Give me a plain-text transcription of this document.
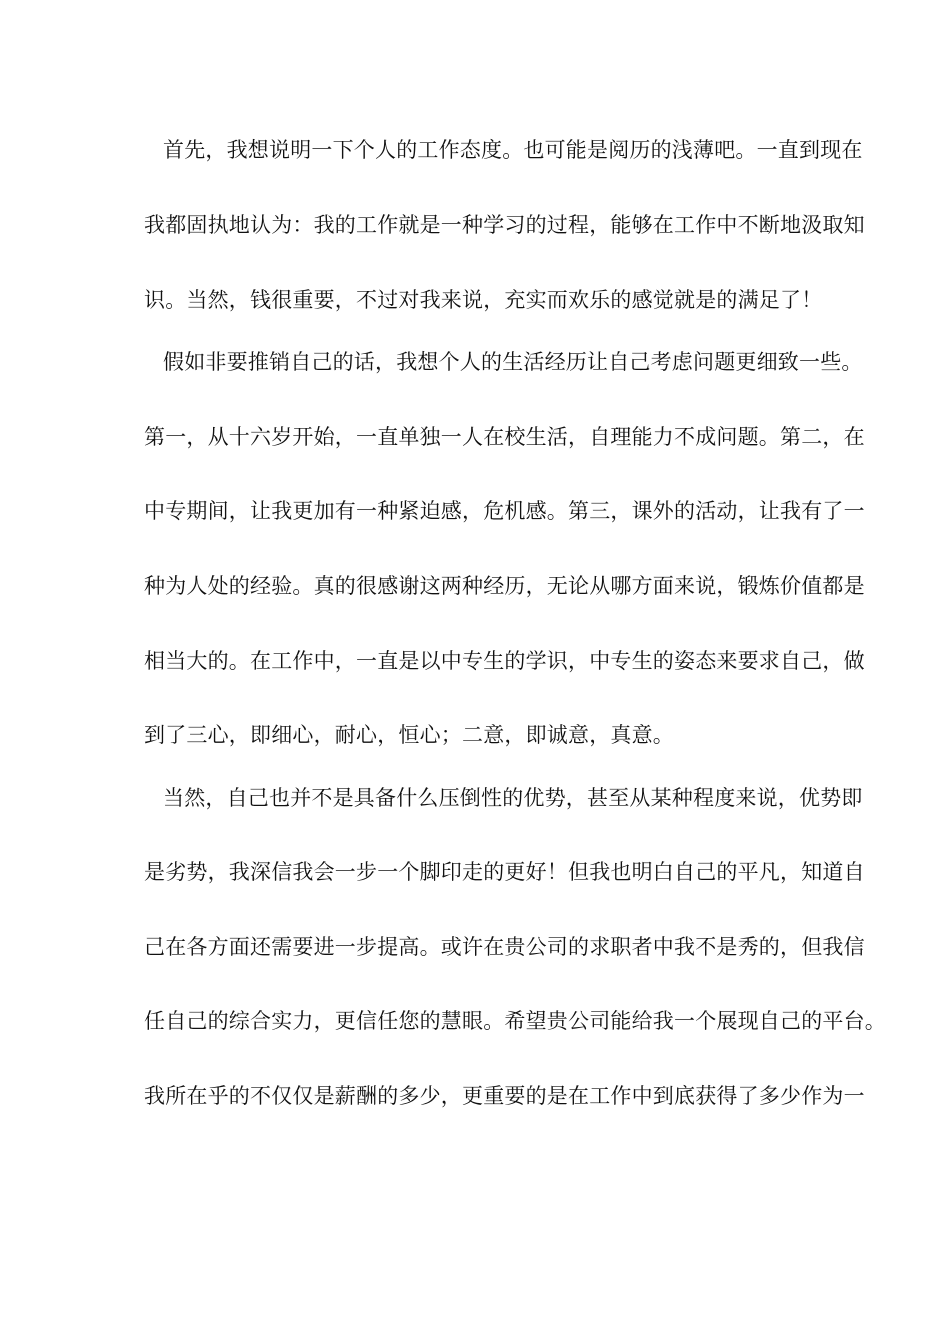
首先，我想说明一下个人的工作态度。也可能是阅历的浅薄吧。一直到现在
我都固执地认为：我的工作就是一种学习的过程，能够在工作中不断地汲取知
识。当然，钱很重要，不过对我来说，充实而欢乐的感觉就是的满足了！
假如非要推销自己的话，我想个人的生活经历让自己考虑问题更细致一些。
第一，从十六岁开始，一直单独一人在校生活，自理能力不成问题。第二，在
中专期间，让我更加有一种紧迫感，危机感。第三，课外的活动，让我有了一
种为人处的经验。真的很感谢这两种经历，无论从哪方面来说，锻炼价值都是
相当大的。在工作中，一直是以中专生的学识，中专生的姿态来要求自己，做
到了三心，即细心，耐心，恒心；二意，即诚意，真意。
当然，自己也并不是具备什么压倒性的优势，甚至从某种程度来说，优势即
是劣势，我深信我会一步一个脚印走的更好！但我也明白自己的平凡，知道自
己在各方面还需要进一步提高。或许在贵公司的求职者中我不是秀的，但我信
任自己的综合实力，更信任您的慧眼。希望贵公司能给我一个展现自己的平台。
我所在乎的不仅仅是薪酬的多少，更重要的是在工作中到底获得了多少作为一
